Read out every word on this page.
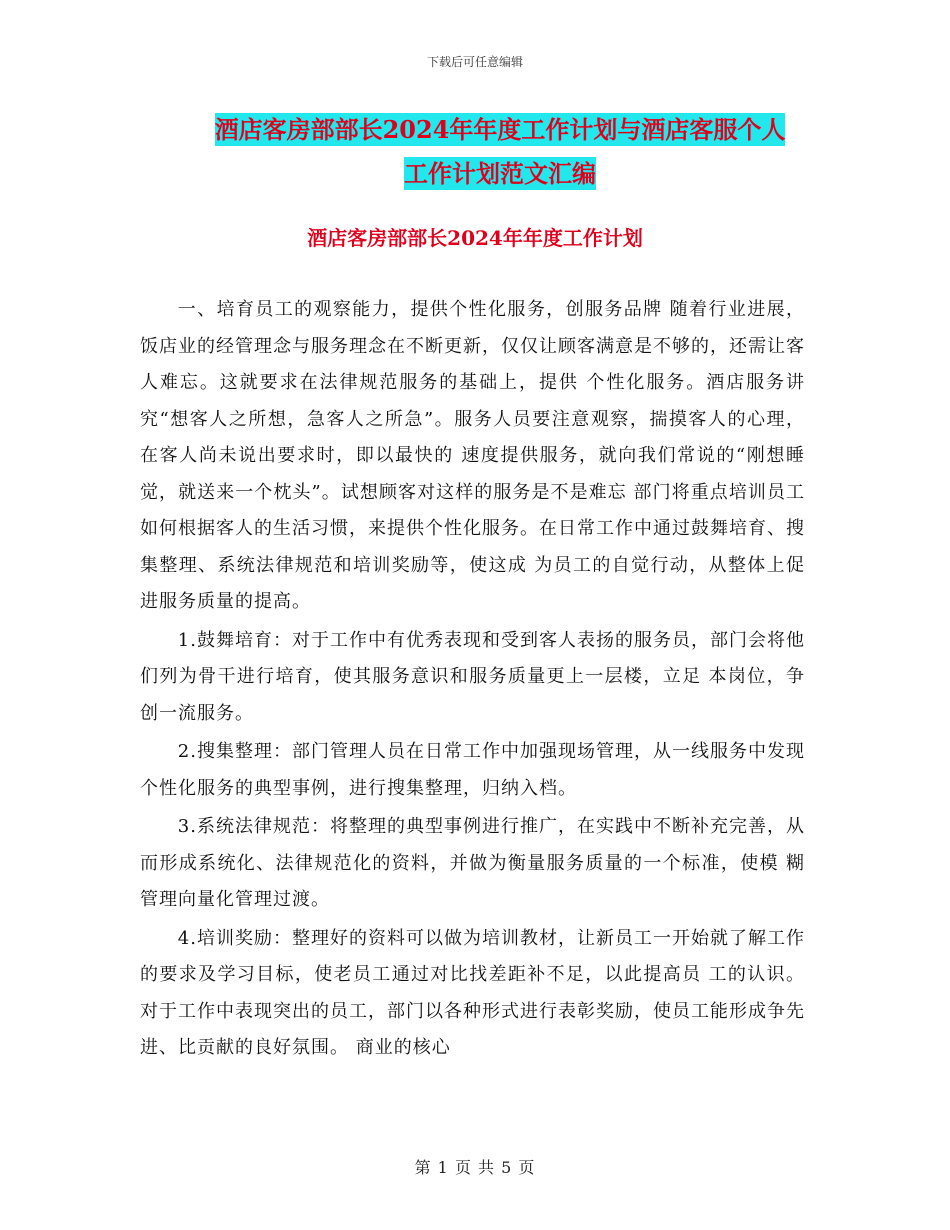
下载后可任意编辑
酒店客房部部长2024年年度工作计划与酒店客服个人
工作计划范文汇编
酒店客房部部长2024年年度工作计划

一、培育员工的观察能力，提供个性化服务，创服务品牌 随着行业进展，饭店业的经管理念与服务理念在不断更新，仅仅让顾客满意是不够的，还需让客人难忘。这就要求在法律规范服务的基础上，提供 个性化服务。酒店服务讲究“想客人之所想，急客人之所急”。服务人员要注意观察，揣摸客人的心理，在客人尚未说出要求时，即以最快的 速度提供服务，就向我们常说的“刚想睡觉，就送来一个枕头”。试想顾客对这样的服务是不是难忘 部门将重点培训员工如何根据客人的生活习惯，来提供个性化服务。在日常工作中通过鼓舞培育、搜集整理、系统法律规范和培训奖励等，使这成 为员工的自觉行动，从整体上促进服务质量的提高。

1.鼓舞培育：对于工作中有优秀表现和受到客人表扬的服务员，部门会将他们列为骨干进行培育，使其服务意识和服务质量更上一层楼，立足 本岗位，争创一流服务。

2.搜集整理：部门管理人员在日常工作中加强现场管理，从一线服务中发现个性化服务的典型事例，进行搜集整理，归纳入档。

3.系统法律规范：将整理的典型事例进行推广，在实践中不断补充完善，从而形成系统化、法律规范化的资料，并做为衡量服务质量的一个标准，使模 糊管理向量化管理过渡。

4.培训奖励：整理好的资料可以做为培训教材，让新员工一开始就了解工作的要求及学习目标，使老员工通过对比找差距补不足，以此提高员 工的认识。对于工作中表现突出的员工，部门以各种形式进行表彰奖励，使员工能形成争先进、比贡献的良好氛围。 商业的核心

第 1 页 共 5 页
